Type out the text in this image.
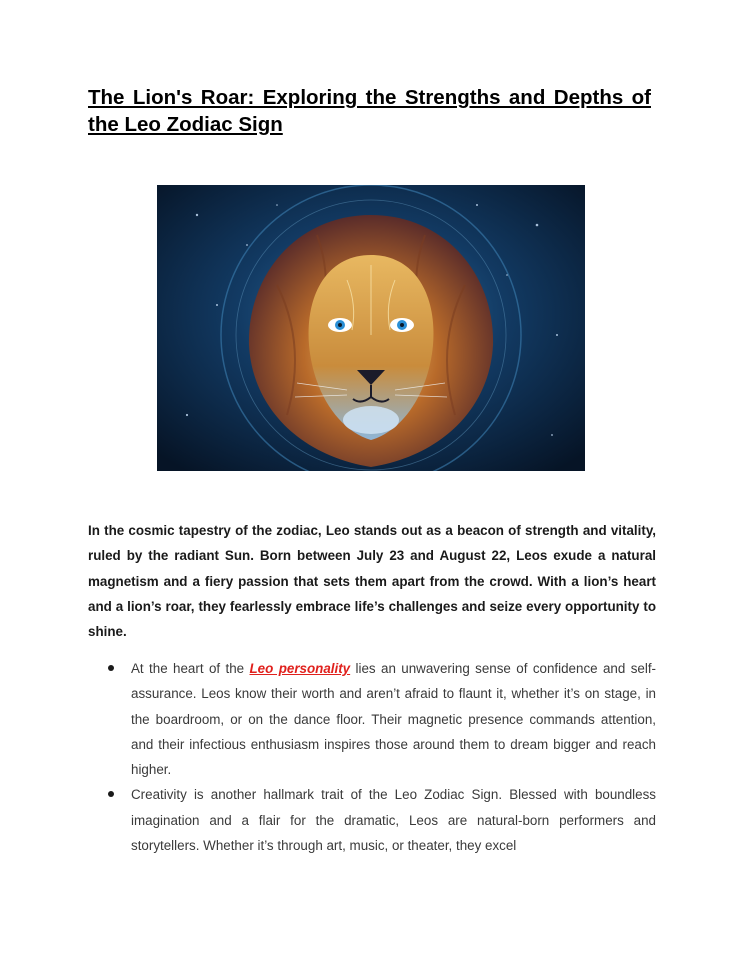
The Lion's Roar: Exploring the Strengths and Depths of the Leo Zodiac Sign

In the cosmic tapestry of the zodiac, Leo stands out as a beacon of strength and vitality, ruled by the radiant Sun. Born between July 23 and August 22, Leos exude a natural magnetism and a fiery passion that sets them apart from the crowd. With a lion’s heart and a lion’s roar, they fearlessly embrace life’s challenges and seize every opportunity to shine.

At the heart of the Leo personality lies an unwavering sense of confidence and self-assurance. Leos know their worth and aren’t afraid to flaunt it, whether it’s on stage, in the boardroom, or on the dance floor. Their magnetic presence commands attention, and their infectious enthusiasm inspires those around them to dream bigger and reach higher.
Creativity is another hallmark trait of the Leo Zodiac Sign. Blessed with boundless imagination and a flair for the dramatic, Leos are natural-born performers and storytellers. Whether it’s through art, music, or theater, they excel
